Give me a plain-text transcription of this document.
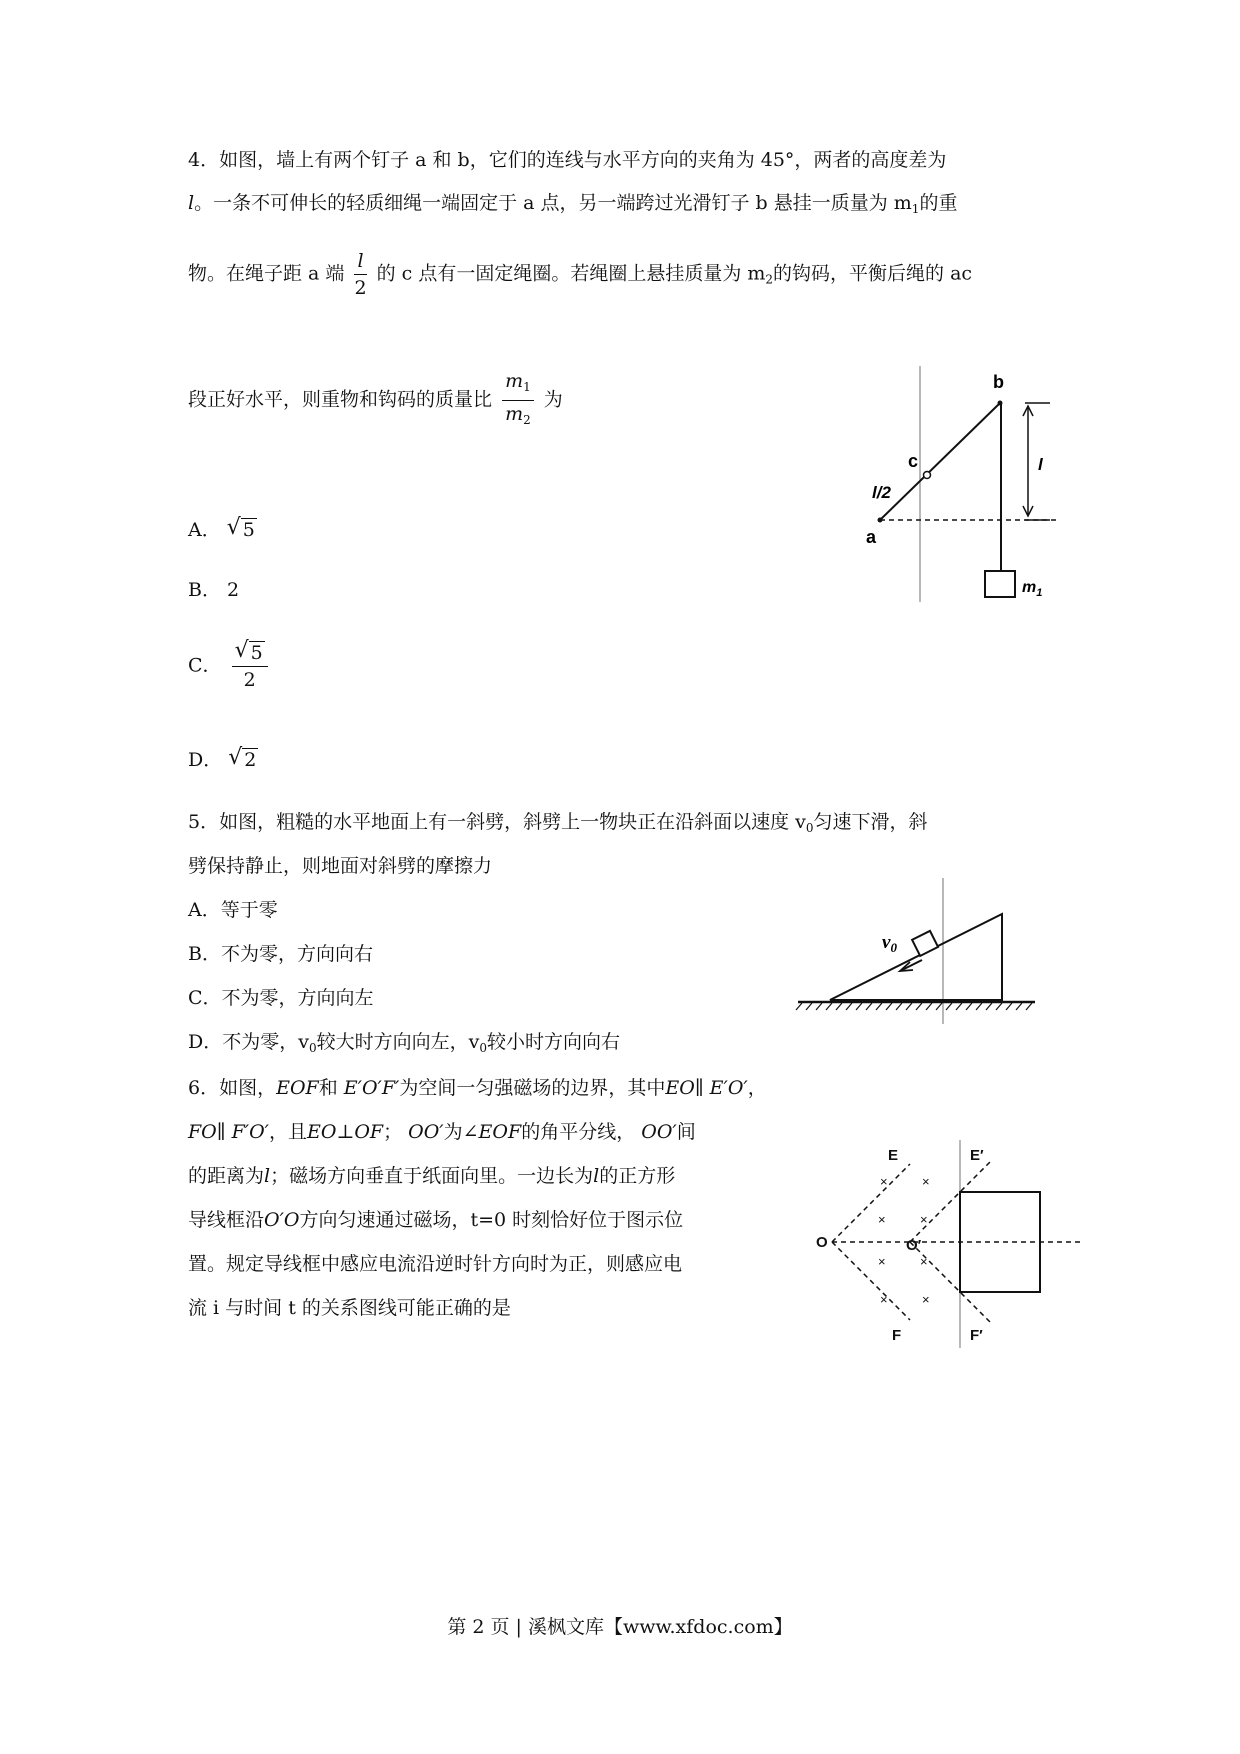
4．如图，墙上有两个钉子 a 和 b，它们的连线与水平方向的夹角为 45°，两者的高度差为
l。一条不可伸长的轻质细绳一端固定于 a 点，另一端跨过光滑钉子 b 悬挂一质量为 $m_1$的重
物。在绳子距 a 端 $\frac{l}{2}$ 的 c 点有一固定绳圈。若绳圈上悬挂质量为 $m_2$的钩码，平衡后绳的 ac
段正好水平，则重物和钩码的质量比 $\frac{m_1}{m_2}$ 为
A． √ 5
B． 2
C． √ $\frac{5}{2}$
D． √ 2
b
a
c
l/2
l
$m_1$
5．如图，粗糙的水平地面上有一斜劈，斜劈上一物块正在沿斜面以速度 $v_0$匀速下滑，斜
劈保持静止，则地面对斜劈的摩擦力
A．等于零
B．不为零，方向向右
C．不为零，方向向左
D．不为零，$v_0$较大时方向向左，$v_0$较小时方向向右
$v_0$
6．如图，EOF和 E′O′F′为空间一匀强磁场的边界，其中EO∥ E′O′，
FO∥ F′O′，且EO⊥OF； OO′为∠EOF的角平分线， OO′间
的距离为l；磁场方向垂直于纸面向里。一边长为l的正方形
导线框沿O′O方向匀速通过磁场，t=0 时刻恰好位于图示位
置。规定导线框中感应电流沿逆时针方向时为正，则感应电
流 i 与时间 t 的关系图线可能正确的是
×	×
×	×
×	×
×	×
E	E′
O	O′
F	F′
第 2 页 | 溪枫文库【www.xfdoc.com】
